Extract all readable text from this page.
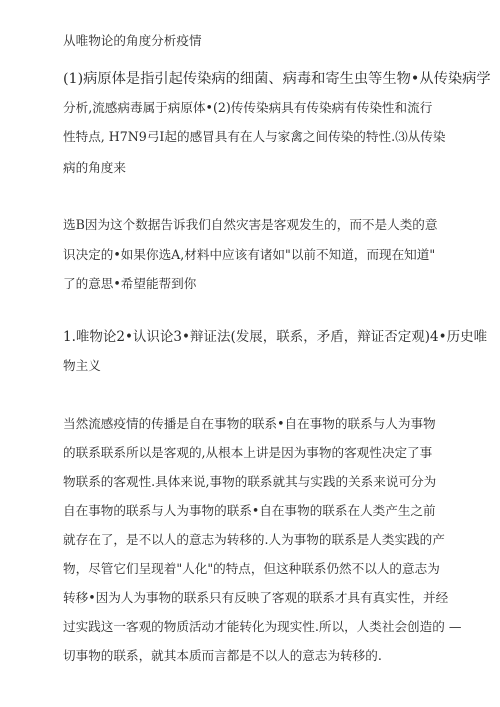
从唯物论的角度分析疫情
(1)病原体是指引起传染病的细菌、病毒和寄生虫等生物•从传染病学
分析,流感病毒属于病原体•(2)传传染病具有传染病有传染性和流行
性特点, H7N9弓I起的感冒具有在人与家禽之间传染的特性.⑶从传染
病的角度来
选B因为这个数据告诉我们自然灾害是客观发生的，而不是人类的意
识决定的•如果你选A,材料中应该有诸如"以前不知道，而现在知道"
了的意思•希望能帮到你
1.唯物论2•认识论3•辩证法(发展，联系，矛盾，辩证否定观)4•历史唯
物主义
当然流感疫情的传播是自在事物的联系•自在事物的联系与人为事物
的联系联系所以是客观的,从根本上讲是因为事物的客观性决定了事
物联系的客观性.具体来说,事物的联系就其与实践的关系来说可分为
自在事物的联系与人为事物的联系•自在事物的联系在人类产生之前
就存在了，是不以人的意志为转移的.人为事物的联系是人类实践的产
物，尽管它们呈现着"人化"的特点，但这种联系仍然不以人的意志为
转移•因为人为事物的联系只有反映了客观的联系才具有真实性，并经
过实践这一客观的物质活动才能转化为现实性.所以，人类社会创造的 —
切事物的联系，就其本质而言都是不以人的意志为转移的.
